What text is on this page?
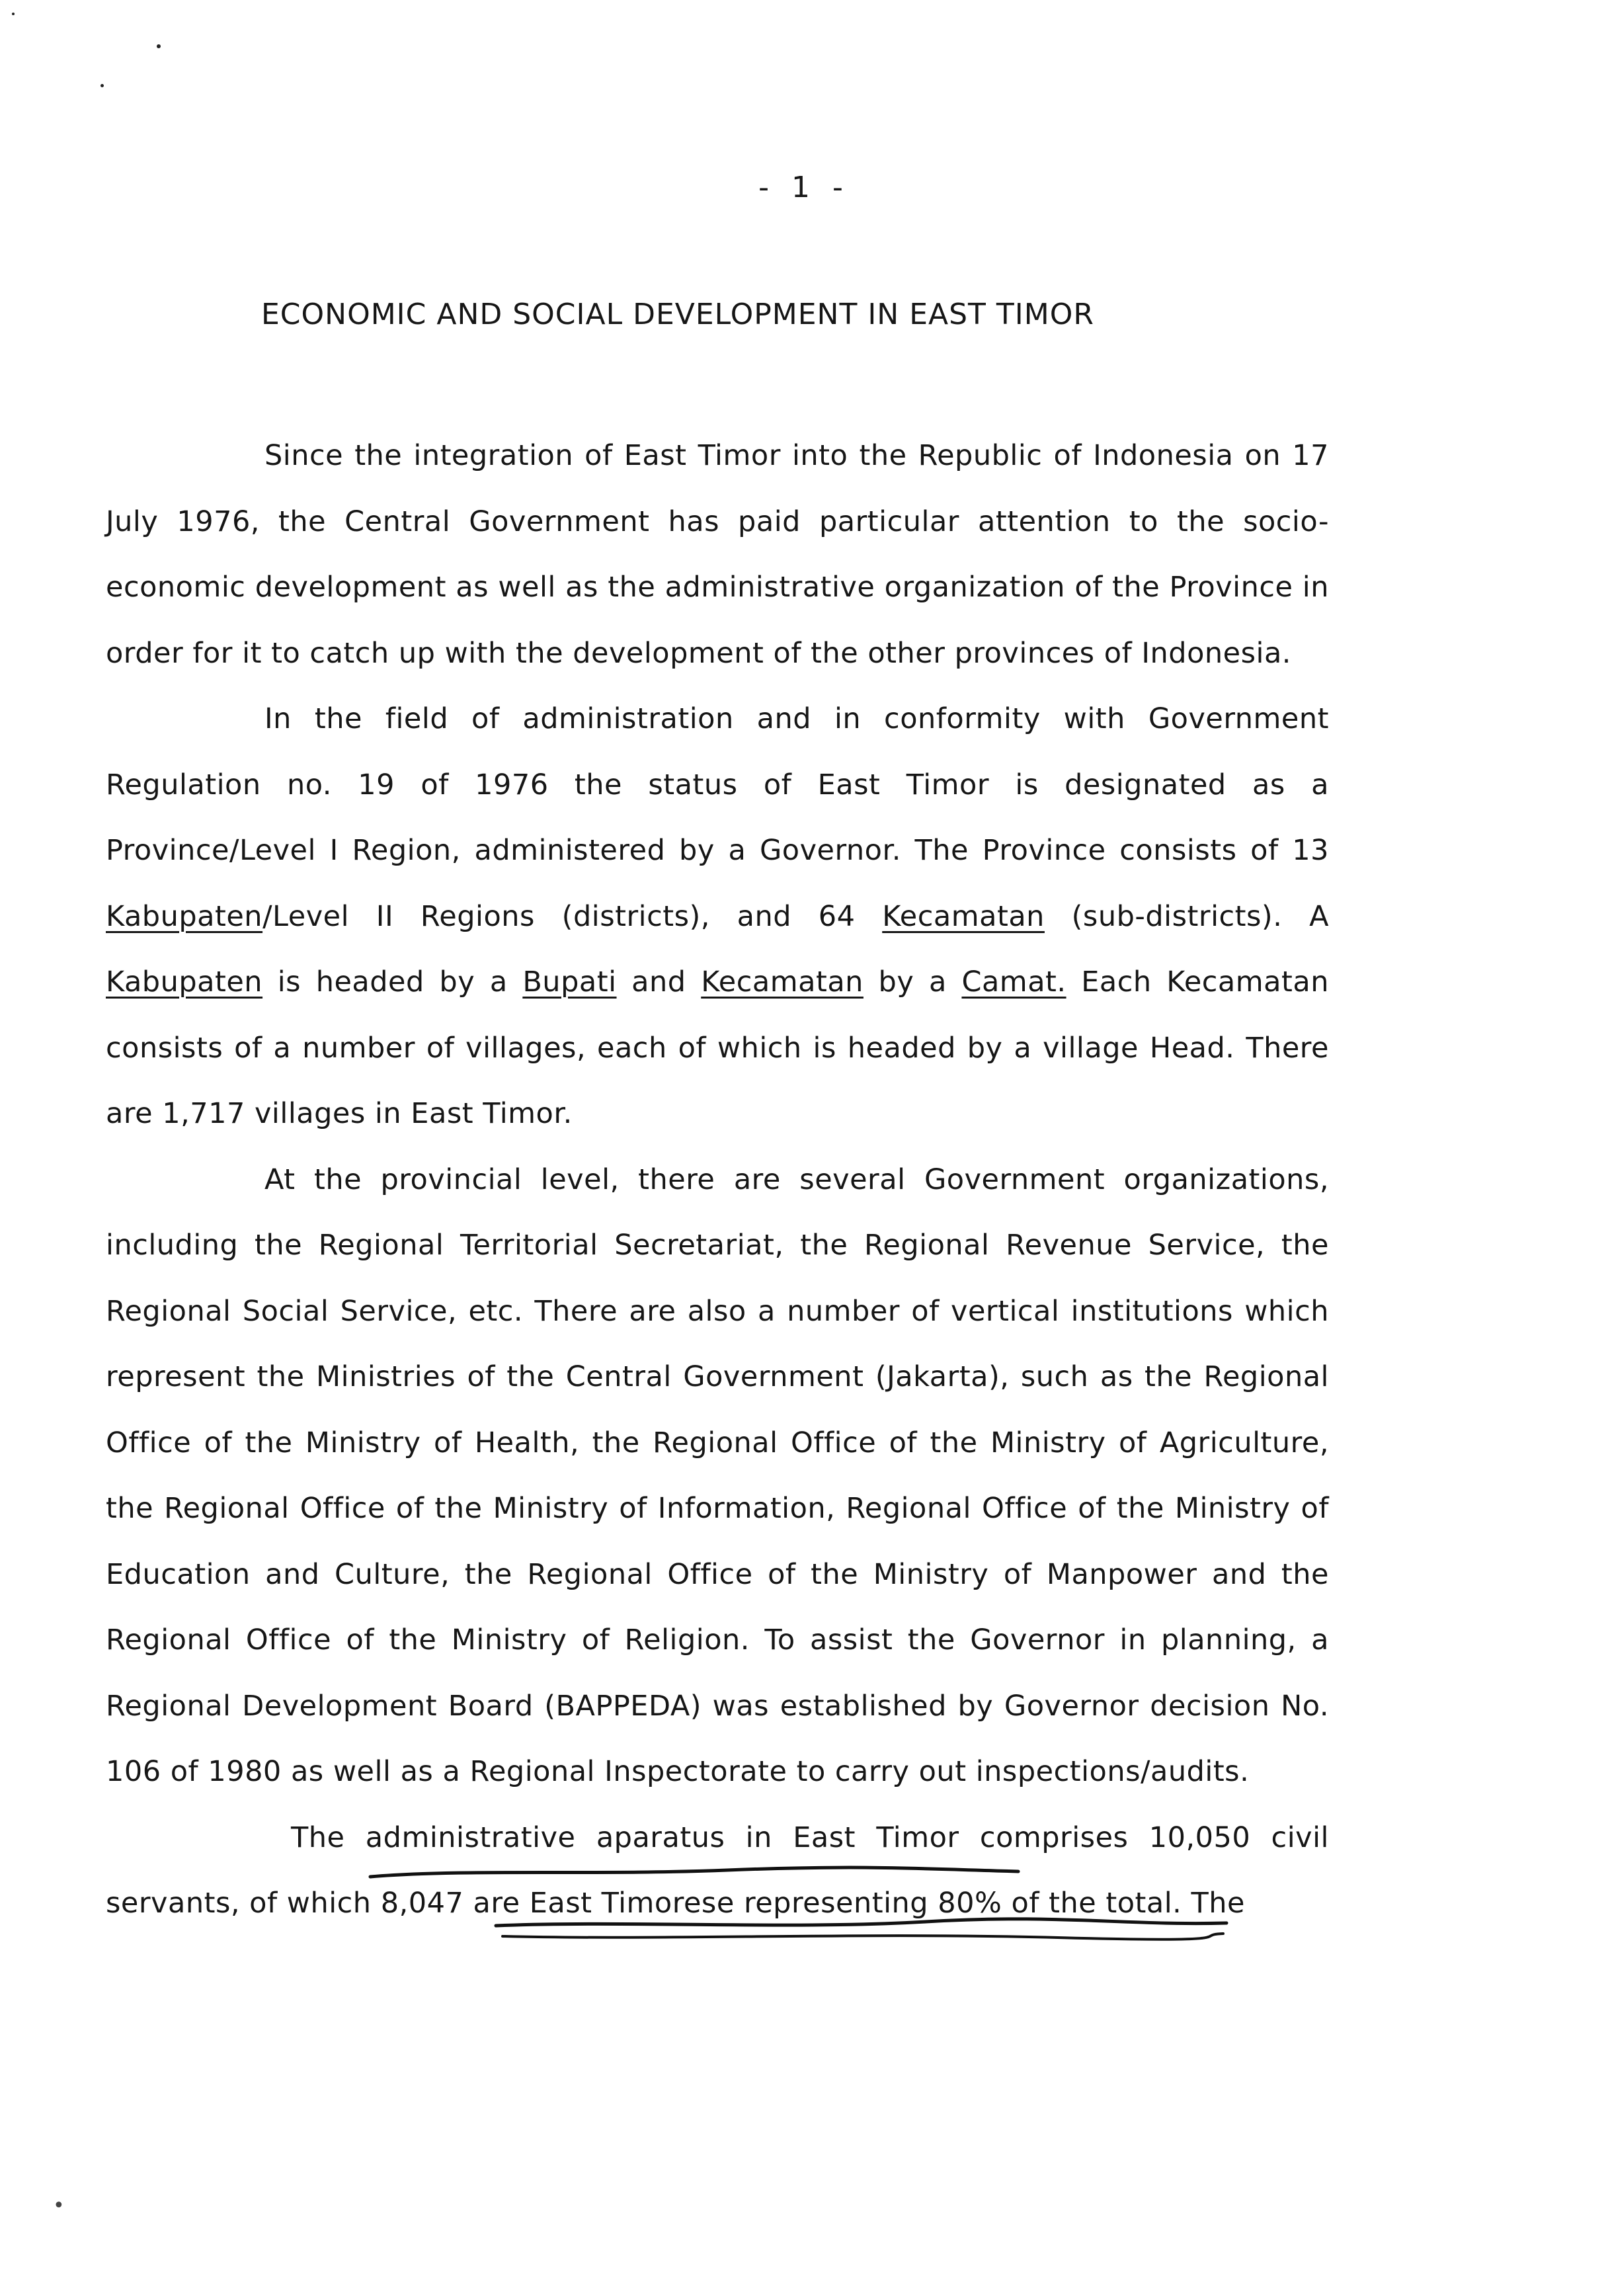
- 1 -
ECONOMIC AND SOCIAL DEVELOPMENT IN EAST TIMOR

Since the integration of East Timor into the Republic of Indonesia on 17 July 1976, the Central Government has paid particular attention to the socio-economic development as well as the administrative organization of the Province in order for it to catch up with the development of the other provinces of Indonesia.

In the field of administration and in conformity with Government Regulation no. 19 of 1976 the status of East Timor is designated as a Province/Level I Region, administered by a Governor. The Province consists of 13 Kabupaten/Level II Regions (districts), and 64 Kecamatan (sub-districts). A Kabupaten is headed by a Bupati and Kecamatan by a Camat. Each Kecamatan consists of a number of villages, each of which is headed by a village Head. There are 1,717 villages in East Timor.

At the provincial level, there are several Government organizations, including the Regional Territorial Secretariat, the Regional Revenue Service, the Regional Social Service, etc. There are also a number of vertical institutions which represent the Ministries of the Central Government (Jakarta), such as the Regional Office of the Ministry of Health, the Regional Office of the Ministry of Agriculture, the Regional Office of the Ministry of Information, Regional Office of the Ministry of Education and Culture, the Regional Office of the Ministry of Manpower and the Regional Office of the Ministry of Religion. To assist the Governor in planning, a Regional Development Board (BAPPEDA) was established by Governor decision No. 106 of 1980 as well as a Regional Inspectorate to carry out inspections/audits.

The administrative aparatus in East Timor comprises 10,050 civil servants, of which 8,047 are East Timorese representing 80% of the total. The

•
